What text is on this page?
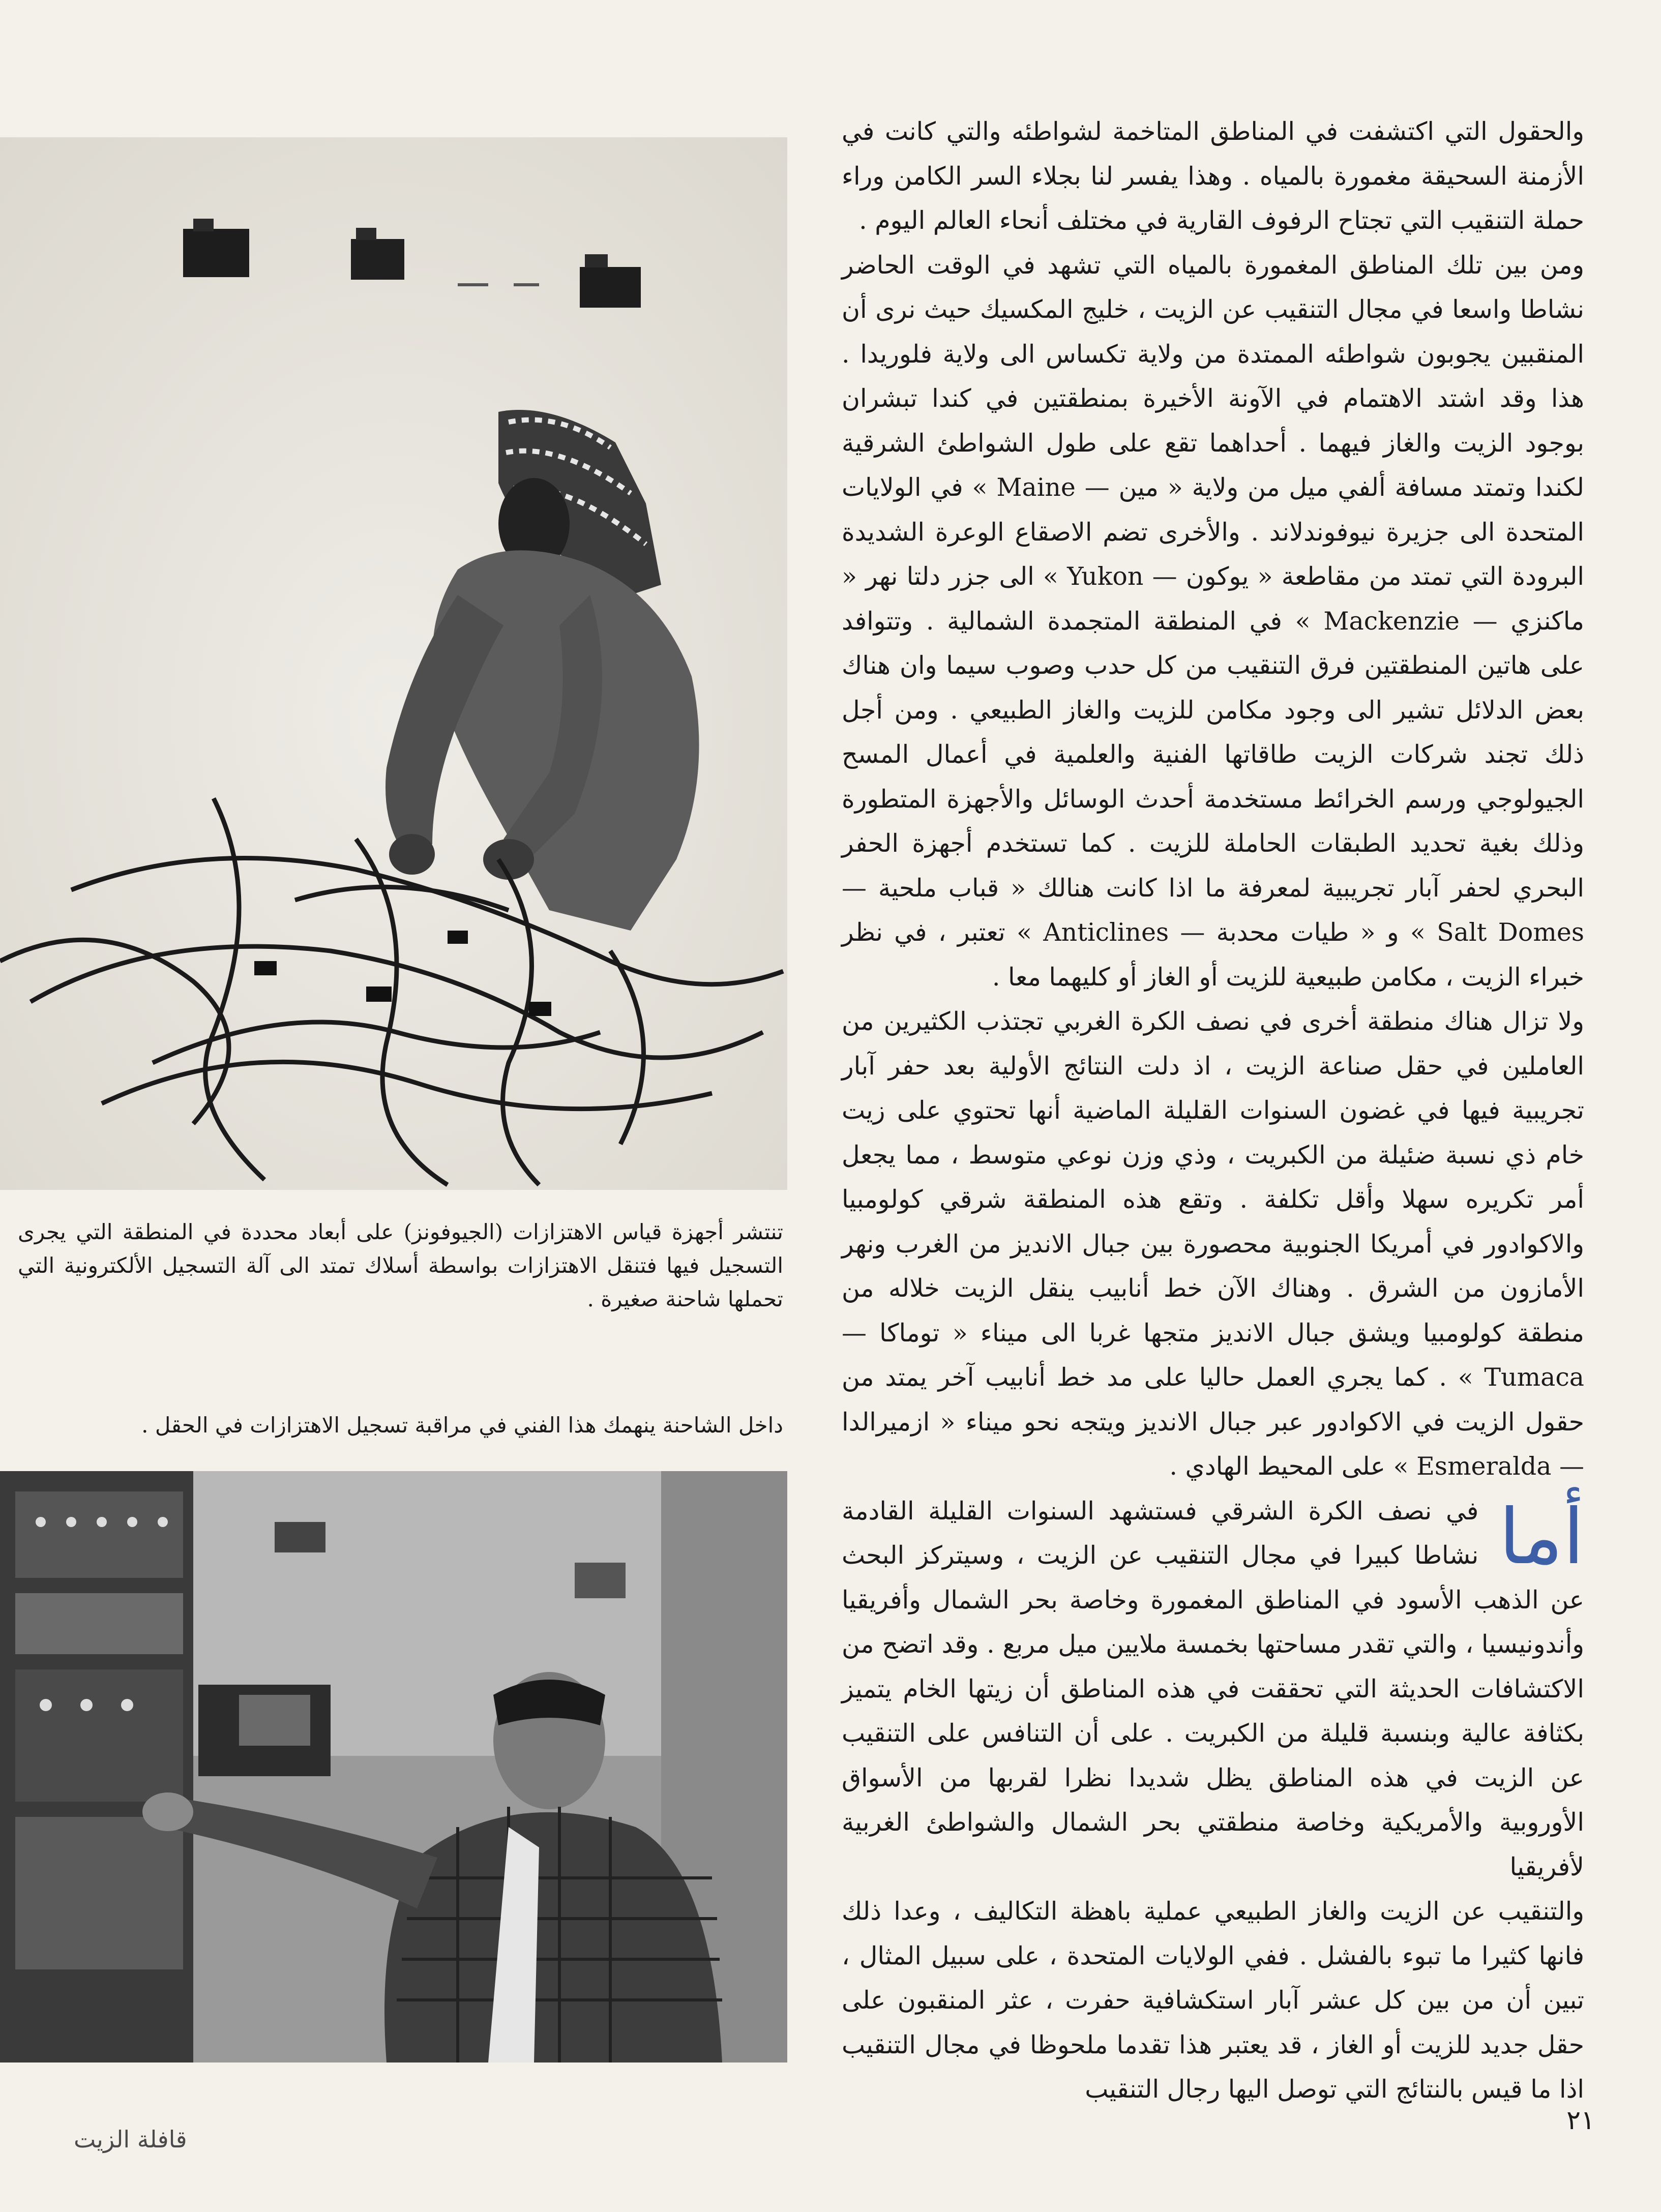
والحقول التي اكتشفت في المناطق المتاخمة لشواطئه والتي كانت في الأزمنة السحيقة مغمورة بالمياه . وهذا يفسر لنا بجلاء السر الكامن وراء حملة التنقيب التي تجتاح الرفوف القارية في مختلف أنحاء العالم اليوم .

ومن بين تلك المناطق المغمورة بالمياه التي تشهد في الوقت الحاضر نشاطا واسعا في مجال التنقيب عن الزيت ، خليج المكسيك حيث نرى أن المنقبين يجوبون شواطئه الممتدة من ولاية تكساس الى ولاية فلوريدا . هذا وقد اشتد الاهتمام في الآونة الأخيرة بمنطقتين في كندا تبشران بوجود الزيت والغاز فيهما . أحداهما تقع على طول الشواطئ الشرقية لكندا وتمتد مسافة ألفي ميل من ولاية « مين — Maine » في الولايات المتحدة الى جزيرة نيوفوندلاند . والأخرى تضم الاصقاع الوعرة الشديدة البرودة التي تمتد من مقاطعة « يوكون — Yukon » الى جزر دلتا نهر « ماكنزي — Mackenzie » في المنطقة المتجمدة الشمالية . وتتوافد على هاتين المنطقتين فرق التنقيب من كل حدب وصوب سيما وان هناك بعض الدلائل تشير الى وجود مكامن للزيت والغاز الطبيعي . ومن أجل ذلك تجند شركات الزيت طاقاتها الفنية والعلمية في أعمال المسح الجيولوجي ورسم الخرائط مستخدمة أحدث الوسائل والأجهزة المتطورة وذلك بغية تحديد الطبقات الحاملة للزيت . كما تستخدم أجهزة الحفر البحري لحفر آبار تجريبية لمعرفة ما اذا كانت هنالك « قباب ملحية — Salt Domes » و « طيات محدبة — Anticlines » تعتبر ، في نظر خبراء الزيت ، مكامن طبيعية للزيت أو الغاز أو كليهما معا .

ولا تزال هناك منطقة أخرى في نصف الكرة الغربي تجتذب الكثيرين من العاملين في حقل صناعة الزيت ، اذ دلت النتائج الأولية بعد حفر آبار تجريبية فيها في غضون السنوات القليلة الماضية أنها تحتوي على زيت خام ذي نسبة ضئيلة من الكبريت ، وذي وزن نوعي متوسط ، مما يجعل أمر تكريره سهلا وأقل تكلفة . وتقع هذه المنطقة شرقي كولومبيا والاكوادور في أمريكا الجنوبية محصورة بين جبال الانديز من الغرب ونهر الأمازون من الشرق . وهناك الآن خط أنابيب ينقل الزيت خلاله من منطقة كولومبيا ويشق جبال الانديز متجها غربا الى ميناء « توماكا — Tumaca » . كما يجري العمل حاليا على مد خط أنابيب آخر يمتد من حقول الزيت في الاكوادور عبر جبال الانديز ويتجه نحو ميناء « ازميرالدا — Esmeralda » على المحيط الهادي .

أما
في نصف الكرة الشرقي فستشهد السنوات القليلة القادمة نشاطا كبيرا في مجال التنقيب عن الزيت ، وسيتركز البحث عن الذهب الأسود في المناطق المغمورة وخاصة بحر الشمال وأفريقيا وأندونيسيا ، والتي تقدر مساحتها بخمسة ملايين ميل مربع . وقد اتضح من الاكتشافات الحديثة التي تحققت في هذه المناطق أن زيتها الخام يتميز بكثافة عالية وبنسبة قليلة من الكبريت . على أن التنافس على التنقيب عن الزيت في هذه المناطق يظل شديدا نظرا لقربها من الأسواق الأوروبية والأمريكية وخاصة منطقتي بحر الشمال والشواطئ الغربية لأفريقيا

والتنقيب عن الزيت والغاز الطبيعي عملية باهظة التكاليف ، وعدا ذلك فانها كثيرا ما تبوء بالفشل . ففي الولايات المتحدة ، على سبيل المثال ، تبين أن من بين كل عشر آبار استكشافية حفرت ، عثر المنقبون على حقل جديد للزيت أو الغاز ، قد يعتبر هذا تقدما ملحوظا في مجال التنقيب اذا ما قيس بالنتائج التي توصل اليها رجال التنقيب

تنتشر أجهزة قياس الاهتزازات (الجيوفونز) على أبعاد محددة في المنطقة التي يجرى التسجيل فيها فتنقل الاهتزازات بواسطة أسلاك تمتد الى آلة التسجيل الألكترونية التي تحملها شاحنة صغيرة .

داخل الشاحنة ينهمك هذا الفني في مراقبة تسجيل الاهتزازات في الحقل .

٢١
قافلة الزيت
